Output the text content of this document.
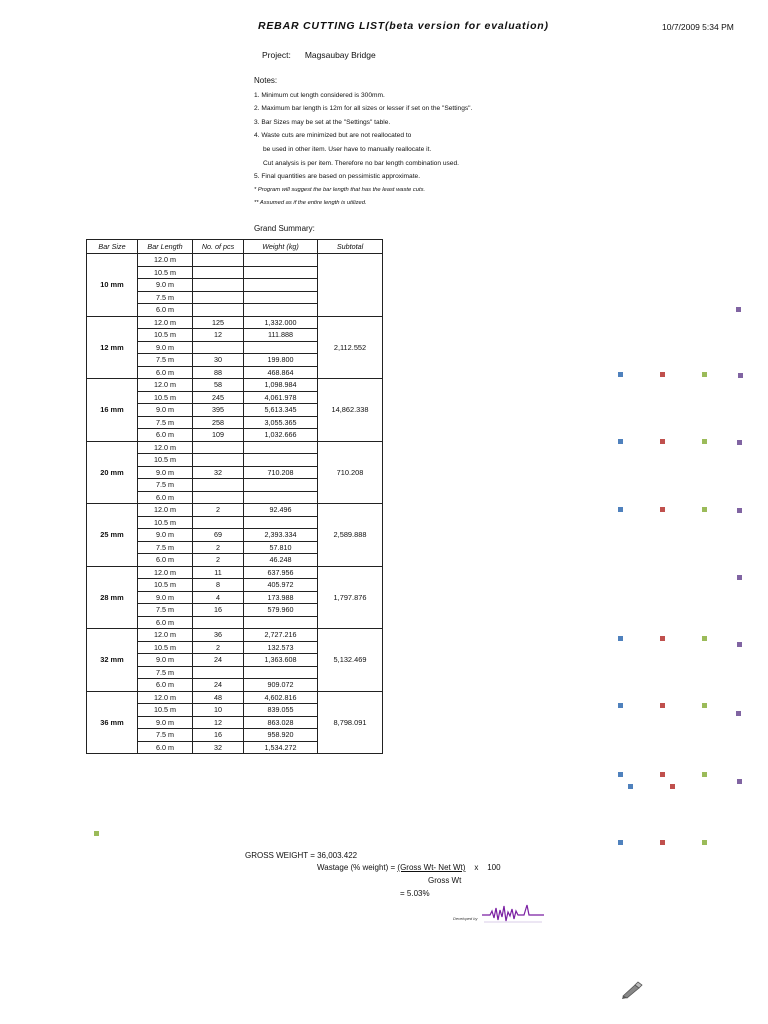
REBAR CUTTING LIST(beta version for evaluation)	10/7/2009 5:34 PM
Project: Magsaubay Bridge
Notes:
1. Minimum cut length considered is 300mm.
2. Maximum bar length is 12m for all sizes or lesser if set on the "Settings".
3. Bar Sizes may be set at the "Settings" table.
4. Waste cuts are minimized but are not reallocated to
be used in other item. User have to manually reallocate it.
Cut analysis is per item. Therefore no bar length combination used.
5. Final quantities are based on pessimistic approximate.
* Program will suggest the bar length that has the least waste cuts.
** Assumed as if the entire length is utilized.
Grand Summary:
Bar Size	Bar Length	No. of pcs	Weight (kg)	Subtotal
10 mm	12.0 m			
	10.5 m			
	9.0 m			
	7.5 m			
	6.0 m			
12 mm	12.0 m	125	1,332.000	2,112.552
	10.5 m	12	111.888	
	9.0 m			
	7.5 m	30	199.800	
	6.0 m	88	468.864	
16 mm	12.0 m	58	1,098.984	14,862.338
	10.5 m	245	4,061.978	
	9.0 m	395	5,613.345	
	7.5 m	258	3,055.365	
	6.0 m	109	1,032.666	
20 mm	12.0 m			710.208
	10.5 m			
	9.0 m	32	710.208	
	7.5 m			
	6.0 m			
25 mm	12.0 m	2	92.496	2,589.888
	10.5 m			
	9.0 m	69	2,393.334	
	7.5 m	2	57.810	
	6.0 m	2	46.248	
28 mm	12.0 m	11	637.956	1,797.876
	10.5 m	8	405.972	
	9.0 m	4	173.988	
	7.5 m	16	579.960	
	6.0 m			
32 mm	12.0 m	36	2,727.216	5,132.469
	10.5 m	2	132.573	
	9.0 m	24	1,363.608	
	7.5 m			
	6.0 m	24	909.072	
36 mm	12.0 m	48	4,602.816	8,798.091
	10.5 m	10	839.055	
	9.0 m	12	863.028	
	7.5 m	16	958.920	
	6.0 m	32	1,534.272	
GROSS WEIGHT = 36,003.422
Wastage (% weight) = (Gross Wt- Net Wt) x 100
Gross Wt
= 5.03%
Developed by
